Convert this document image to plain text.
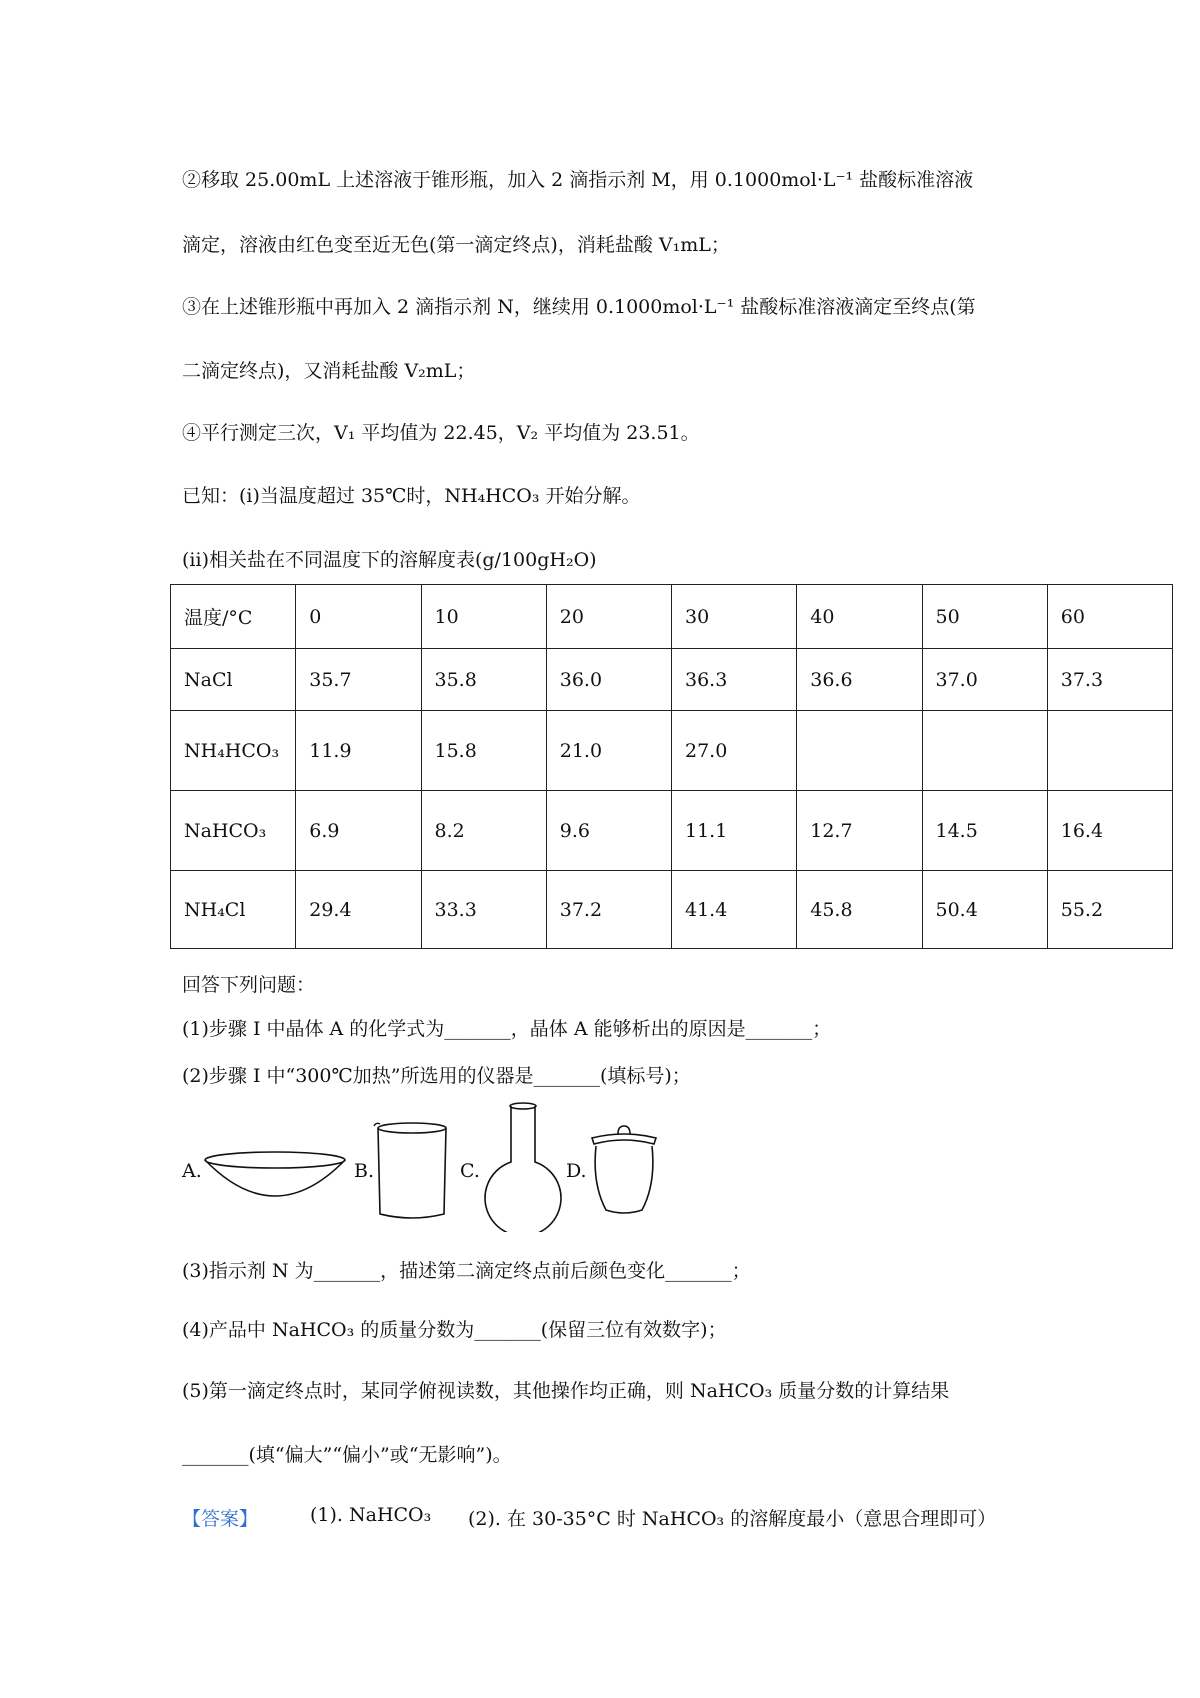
②移取 25.00mL 上述溶液于锥形瓶，加入 2 滴指示剂 M，用 0.1000mol·L⁻¹ 盐酸标准溶液
滴定，溶液由红色变至近无色(第一滴定终点)，消耗盐酸 V₁mL；
③在上述锥形瓶中再加入 2 滴指示剂 N，继续用 0.1000mol·L⁻¹ 盐酸标准溶液滴定至终点(第
二滴定终点)，又消耗盐酸 V₂mL；
④平行测定三次，V₁ 平均值为 22.45，V₂ 平均值为 23.51。
已知：(i)当温度超过 35℃时，NH₄HCO₃ 开始分解。
(ii)相关盐在不同温度下的溶解度表(g/100gH₂O)
温度/°C	0	10	20	30	40	50	60
NaCl	35.7	35.8	36.0	36.3	36.6	37.0	37.3
NH₄HCO₃	11.9	15.8	21.0	27.0			
NaHCO₃	6.9	8.2	9.6	11.1	12.7	14.5	16.4
NH₄Cl	29.4	33.3	37.2	41.4	45.8	50.4	55.2
回答下列问题：
(1)步骤 I 中晶体 A 的化学式为_______，晶体 A 能够析出的原因是_______；
(2)步骤 I 中“300℃加热”所选用的仪器是_______(填标号)；
A.	B.	C.	D.
(3)指示剂 N 为_______，描述第二滴定终点前后颜色变化_______；
(4)产品中 NaHCO₃ 的质量分数为_______(保留三位有效数字)；
(5)第一滴定终点时，某同学俯视读数，其他操作均正确，则 NaHCO₃ 质量分数的计算结果
_______(填“偏大”“偏小”或“无影响”)。
【答案】	(1). NaHCO₃ (2). 在 30-35°C 时 NaHCO₃ 的溶解度最小（意思合理即可）
